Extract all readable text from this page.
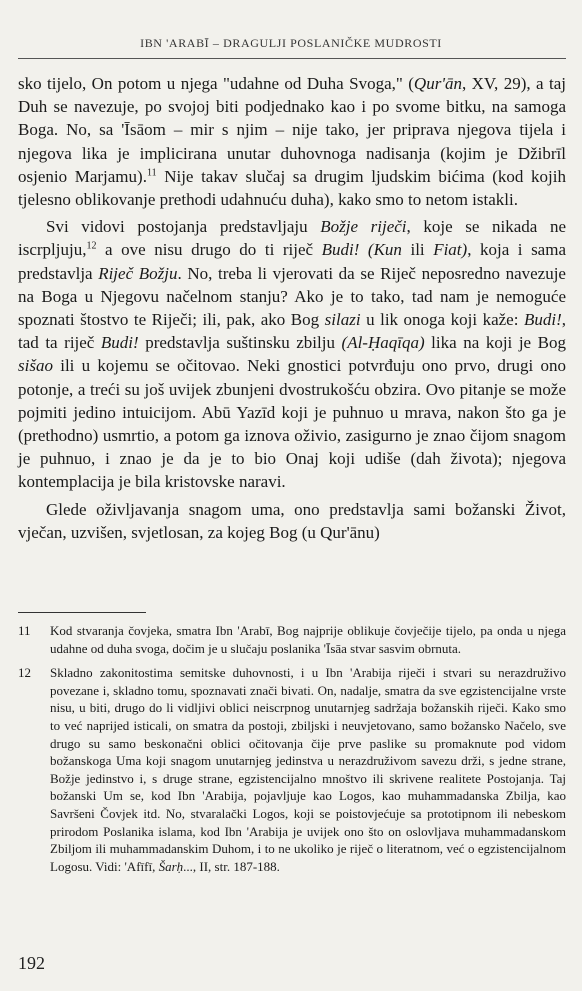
IBN 'ARABĪ – DRAGULJI POSLANIČKE MUDROSTI

sko tijelo, On potom u njega "udahne od Duha Svoga," (Qur'ān, XV, 29), a taj Duh se navezuje, po svojoj biti podjednako kao i po svome bitku, na samoga Boga. No, sa 'Īsāom – mir s njim – nije tako, jer priprava njegova tijela i njegova lika je implicirana unutar duhovnoga nadisanja (kojim je Džibrīl osjenio Marjamu).$^{11}$ Nije takav slučaj sa drugim ljudskim bićima (kod kojih tjelesno oblikovanje prethodi udahnuću duha), kako smo to netom istakli.

Svi vidovi postojanja predstavljaju Božje riječi, koje se nikada ne iscrpljuju,$^{12}$ a ove nisu drugo do ti riječ Budi! (Kun ili Fiat), koja i sama predstavlja Riječ Božju. No, treba li vjerovati da se Riječ neposredno navezuje na Boga u Njegovu načelnom stanju? Ako je to tako, tad nam je nemoguće spoznati štostvo te Riječi; ili, pak, ako Bog silazi u lik onoga koji kaže: Budi!, tad ta riječ Budi! predstavlja suštinsku zbilju (Al-Ḥaqīqa) lika na koji je Bog sišao ili u kojemu se očitovao. Neki gnostici potvrđuju ono prvo, drugi ono potonje, a treći su još uvijek zbunjeni dvostrukošću obzira. Ovo pitanje se može pojmiti jedino intuicijom. Abū Yazīd koji je puhnuo u mrava, nakon što ga je (prethodno) usmrtio, a potom ga iznova oživio, zasigurno je znao čijom snagom je puhnuo, i znao je da je to bio Onaj koji udiše (dah života); njegova kontemplacija je bila kristovske naravi.

Glede oživljavanja snagom uma, ono predstavlja sami božanski Život, vječan, uzvišen, svjetlosan, za kojeg Bog (u Qur'ānu)

11	Kod stvaranja čovjeka, smatra Ibn 'Arabī, Bog najprije oblikuje čovječije tijelo, pa onda u njega udahne od duha svoga, dočim je u slučaju poslanika 'Īsāa stvar sasvim obrnuta.
12	Skladno zakonitostima semitske duhovnosti, i u Ibn 'Arabija riječi i stvari su nerazdruživo povezane i, skladno tomu, spoznavati znači bivati. On, nadalje, smatra da sve egzistencijalne vrste nisu, u biti, drugo do li vidljivi oblici neiscrpnog unutarnjeg sadržaja božanskih riječi. Kako smo to već naprijed isticali, on smatra da postoji, zbiljski i neuvjetovano, samo božansko Načelo, sve drugo su samo beskonačni oblici očitovanja čije prve paslike su promaknute pod vidom božanskoga Uma koji snagom unutarnjeg jedinstva u nerazdruživom savezu drži, s jedne strane, Božje jedinstvo i, s druge strane, egzistencijalno mnoštvo ili skrivene realitete Postojanja. Taj božanski Um se, kod Ibn 'Arabija, pojavljuje kao Logos, kao muhammadanska Zbilja, kao Savršeni Čovjek itd. No, stvaralački Logos, koji se poistovjećuje sa prototipnom ili nebeskom prirodom Poslanika islama, kod Ibn 'Arabija je uvijek ono što on oslovljava muhammadanskom Zbiljom ili muhammadanskim Duhom, i to ne ukoliko je riječ o literatnom, već o egzistencijalnom Logosu. Vidi: 'Afīfī, Šarḥ..., II, str. 187-188.
192
